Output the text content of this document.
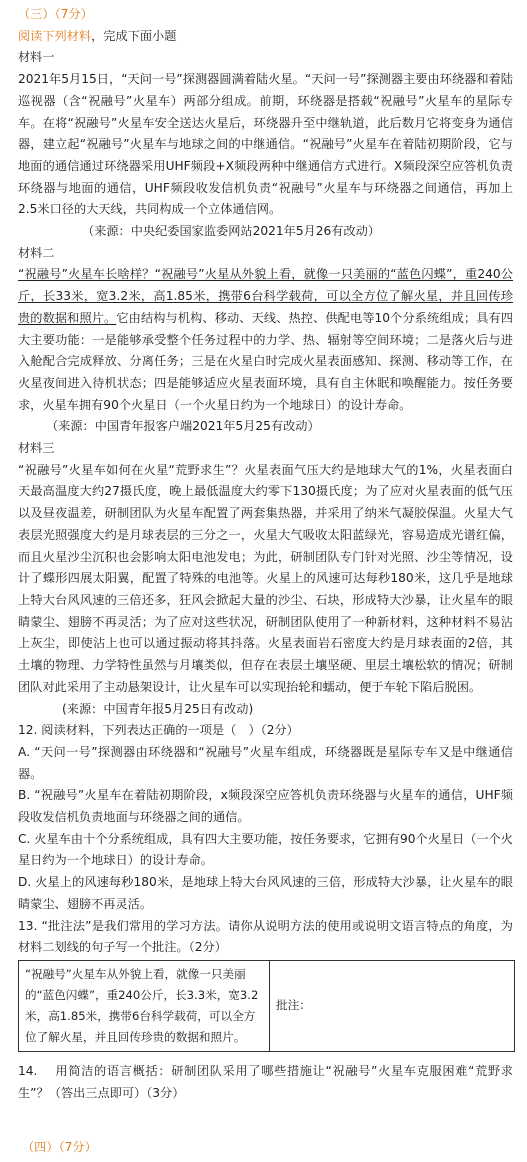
（三）（7分）

阅读下列材料，完成下面小题

材料一

2021年5月15日，“天问一号”探测器圆满着陆火星。“天问一号”探测器主要由环绕器和着陆巡视器（含“祝融号”火星车）两部分组成。前期，环绕器是搭载“祝融号”火星车的星际专车。在将“祝融号”火星车安全送达火星后，环绕器升至中继轨道，此后数月它将变身为通信器，建立起“祝融号”火星车与地球之间的中继通信。“祝融号”火星车在着陆初期阶段，它与地面的通信通过环绕器采用UHF频段+X频段两种中继通信方式进行。X频段深空应答机负责环绕器与地面的通信，UHF频段收发信机负责“祝融号”火星车与环绕器之间通信，再加上2.5米口径的大天线，共同构成一个立体通信网。

（来源：中央纪委国家监委网站2021年5月26有改动）

材料二

“祝融号”火星车长啥样？“祝融号”火星从外貌上看，就像一只美丽的“蓝色闪蝶”，重240公斤，长33米，宽3.2米，高1.85米，携带6台科学载荷，可以全方位了解火星，并且回传珍贵的数据和照片。它由结构与机构、移动、天线、热控、供配电等10个分系统组成；具有四大主要功能：一是能够承受整个任务过程中的力学、热、辐射等空间环境；二是落火后与进入舱配合完成释放、分离任务；三是在火星白时完成火星表面感知、探测、移动等工作，在火星夜间进入待机状态；四是能够适应火星表面环境，具有自主休眠和唤醒能力。按任务要求，火星车拥有90个火星日（一个火星日约为一个地球日）的设计寿命。

（来源：中国青年报客户端2021年5月25有改动）

材料三

“祝融号”火星车如何在火星“荒野求生”？火星表面气压大约是地球大气的1%，火星表面白天最高温度大约27摄氏度，晚上最低温度大约零下130摄氏度；为了应对火星表面的低气压以及昼夜温差，研制团队为火星车配置了两套集热器，并采用了纳米气凝胶保温。火星大气表层光照强度大约是月球表层的三分之一，火星大气吸收太阳蓝绿光，容易造成光谱红偏，而且火星沙尘沉积也会影响太阳电池发电；为此，研制团队专门针对光照、沙尘等情况，设计了蝶形四展太阳翼，配置了特殊的电池等。火星上的风速可达每秒180米，这几乎是地球上特大台风风速的三倍还多，狂风会掀起大量的沙尘、石块，形成特大沙暴，让火星车的眼睛蒙尘、翅膀不再灵活；为了应对这些状况，研制团队使用了一种新材料，这种材料不易沾上灰尘，即使沾上也可以通过振动将其抖落。火星表面岩石密度大约是月球表面的2倍，其土壤的物理、力学特性虽然与月壤类似，但存在表层土壤坚硬、里层土壤松软的情况；研制团队对此采用了主动悬架设计，让火星车可以实现抬轮和蠕动，便于车轮下陷后脱困。

(来源：中国青年报5月25日有改动)

12. 阅读材料，下列表达正确的一项是（　）（2分）

A. “天问一号”探测器由环绕器和“祝融号”火星车组成，环绕器既是星际专车又是中继通信器。

B. “祝融号”火星车在着陆初期阶段，x频段深空应答机负责环绕器与火星车的通信，UHF频段收发信机负责地面与环绕器之间的通信。

C. 火星车由十个分系统组成，具有四大主要功能，按任务要求，它拥有90个火星日（一个火星日约为一个地球日）的设计寿命。

D. 火星上的风速每秒180米，是地球上特大台风风速的三倍，形成特大沙暴，让火星车的眼睛蒙尘、翅膀不再灵活。

13. “批注法”是我们常用的学习方法。请你从说明方法的使用或说明文语言特点的角度，为材料二划线的句子写一个批注。（2分）

“祝融号”火星车从外貌上看，就像一只美丽的“蓝色闪蝶”，重240公斤，长3.3米，宽3.2米，高1.85米，携带6台科学载荷，可以全方位了解火星，并且回传珍贵的数据和照片。	批注：

14.　 用简洁的语言概括：研制团队采用了哪些措施让“祝融号”火星车克服困难“荒野求生”？（答出三点即可）（3分）

（四）（7分）
